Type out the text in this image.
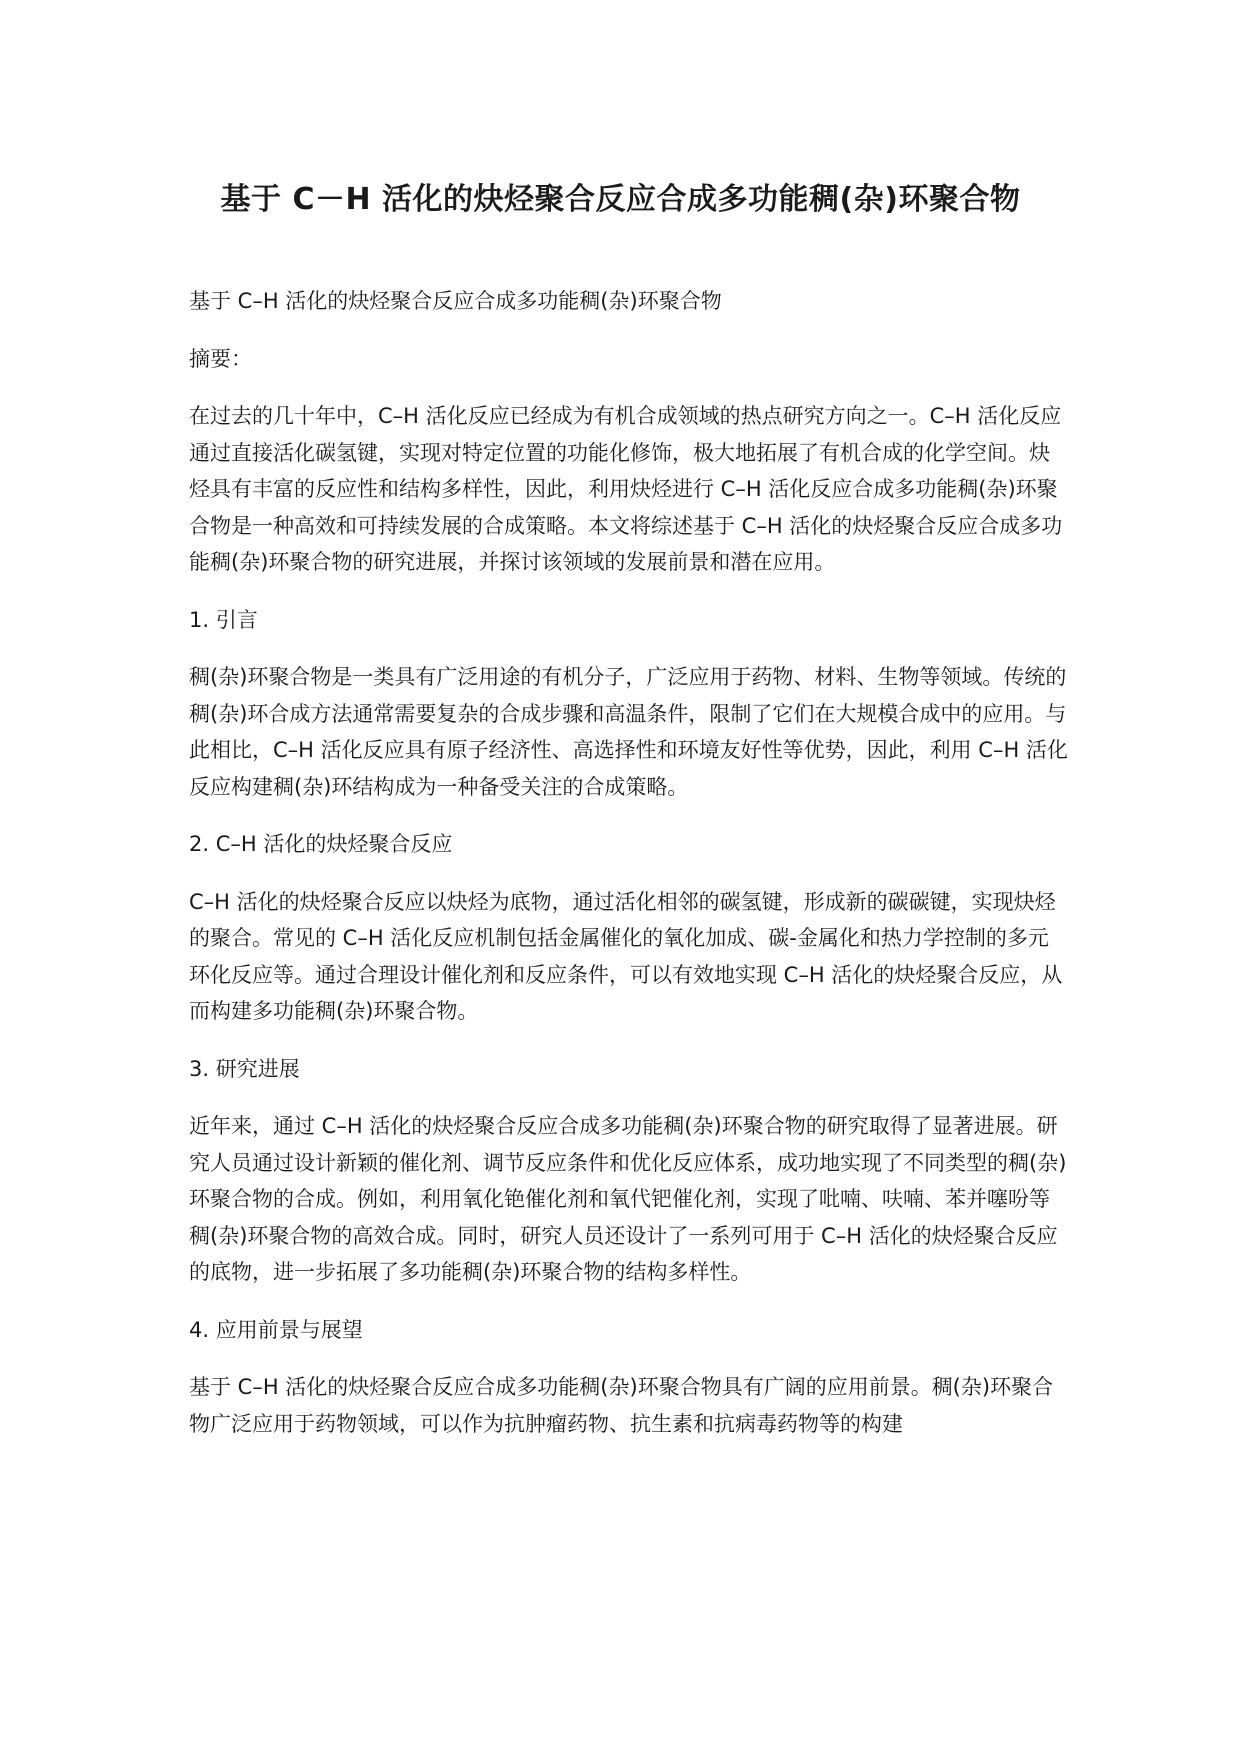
基于 C－H 活化的炔烃聚合反应合成多功能稠(杂)环聚合物

基于 C–H 活化的炔烃聚合反应合成多功能稠(杂)环聚合物

摘要：

在过去的几十年中，C–H 活化反应已经成为有机合成领域的热点研究方向之一。C–H 活化反应通过直接活化碳氢键，实现对特定位置的功能化修饰，极大地拓展了有机合成的化学空间。炔烃具有丰富的反应性和结构多样性，因此，利用炔烃进行 C–H 活化反应合成多功能稠(杂)环聚合物是一种高效和可持续发展的合成策略。本文将综述基于 C–H 活化的炔烃聚合反应合成多功能稠(杂)环聚合物的研究进展，并探讨该领域的发展前景和潜在应用。

1. 引言

稠(杂)环聚合物是一类具有广泛用途的有机分子，广泛应用于药物、材料、生物等领域。传统的稠(杂)环合成方法通常需要复杂的合成步骤和高温条件，限制了它们在大规模合成中的应用。与此相比，C–H 活化反应具有原子经济性、高选择性和环境友好性等优势，因此，利用 C–H 活化反应构建稠(杂)环结构成为一种备受关注的合成策略。

2. C–H 活化的炔烃聚合反应

C–H 活化的炔烃聚合反应以炔烃为底物，通过活化相邻的碳氢键，形成新的碳碳键，实现炔烃的聚合。常见的 C–H 活化反应机制包括金属催化的氧化加成、碳-金属化和热力学控制的多元环化反应等。通过合理设计催化剂和反应条件，可以有效地实现 C–H 活化的炔烃聚合反应，从而构建多功能稠(杂)环聚合物。

3. 研究进展

近年来，通过 C–H 活化的炔烃聚合反应合成多功能稠(杂)环聚合物的研究取得了显著进展。研究人员通过设计新颖的催化剂、调节反应条件和优化反应体系，成功地实现了不同类型的稠(杂)环聚合物的合成。例如，利用氧化铯催化剂和氧代钯催化剂，实现了吡喃、呋喃、苯并噻吩等稠(杂)环聚合物的高效合成。同时，研究人员还设计了一系列可用于 C–H 活化的炔烃聚合反应的底物，进一步拓展了多功能稠(杂)环聚合物的结构多样性。

4. 应用前景与展望

基于 C–H 活化的炔烃聚合反应合成多功能稠(杂)环聚合物具有广阔的应用前景。稠(杂)环聚合物广泛应用于药物领域，可以作为抗肿瘤药物、抗生素和抗病毒药物等的构建
